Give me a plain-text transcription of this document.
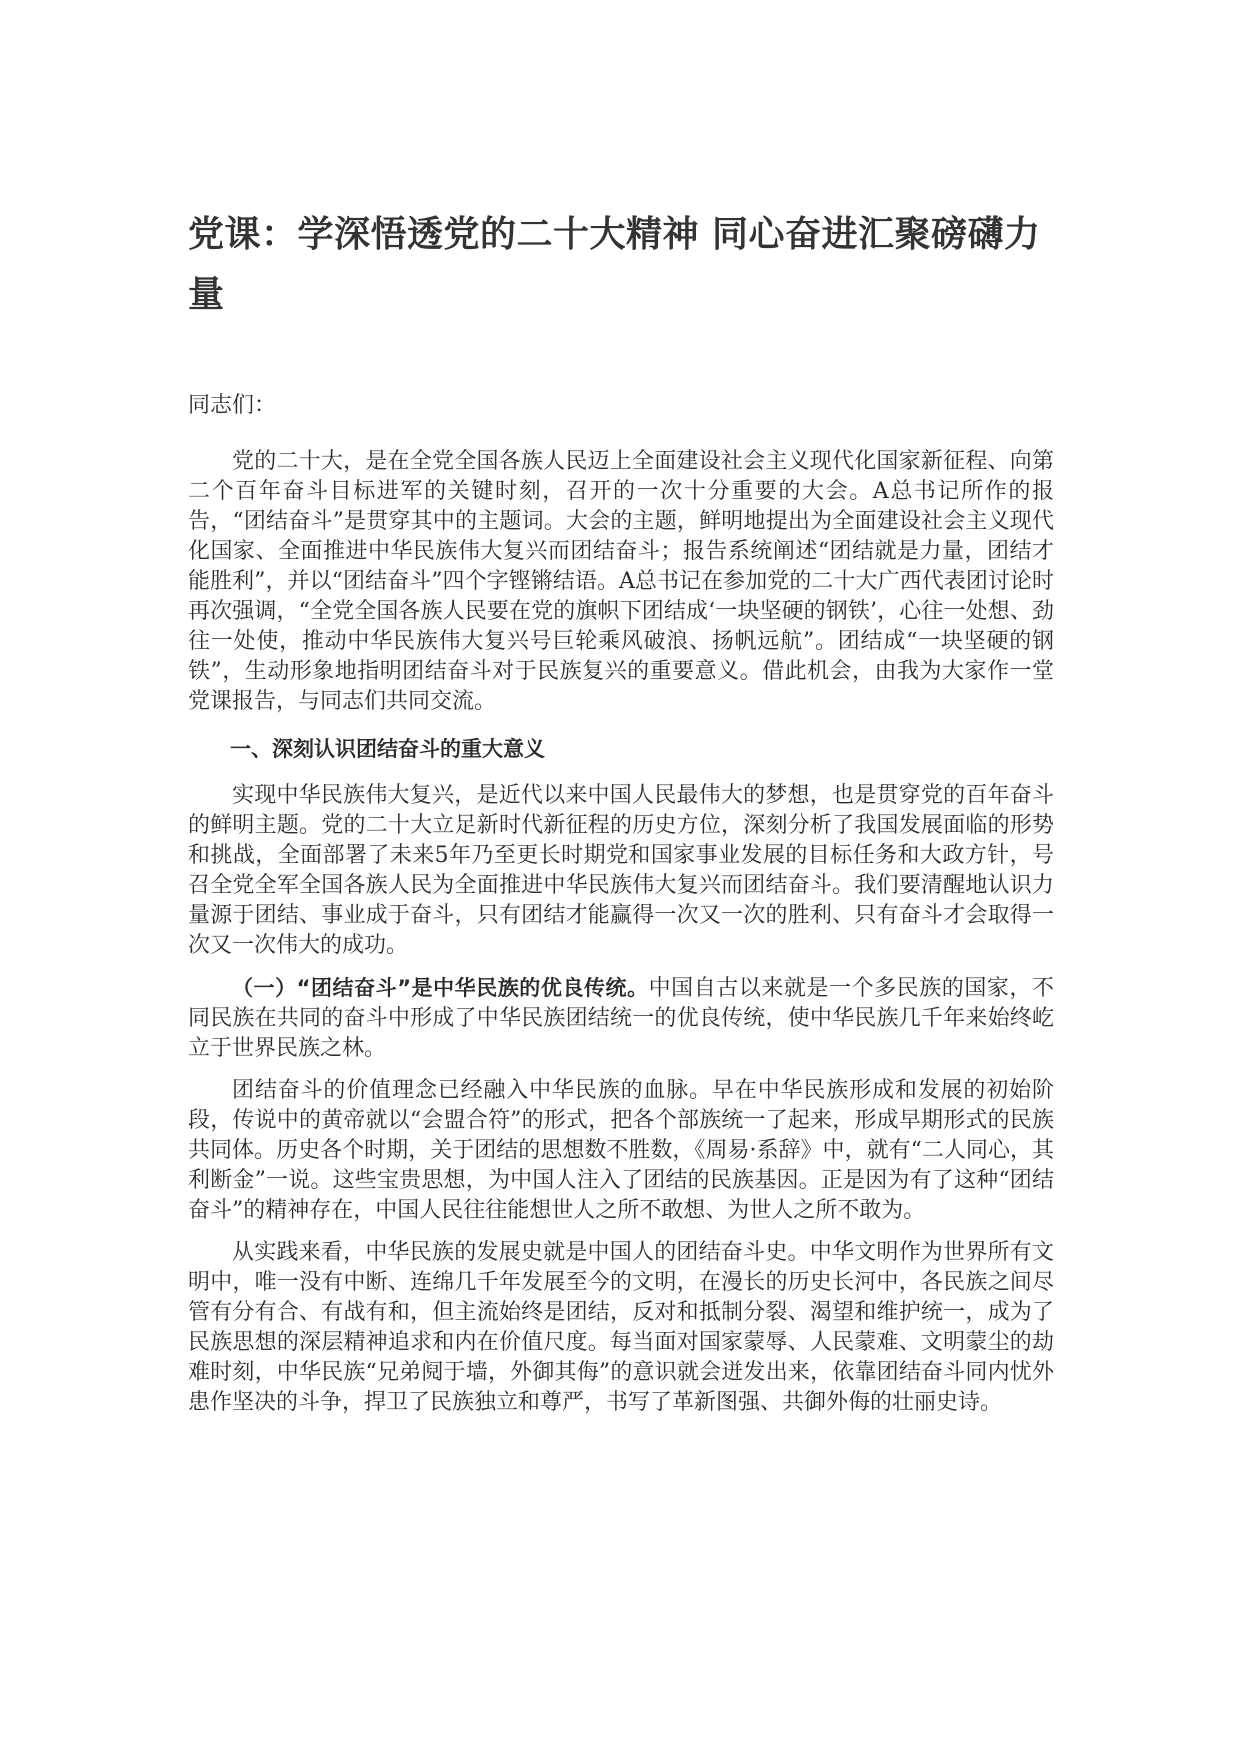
党课：学深悟透党的二十大精神 同心奋进汇聚磅礴力量

同志们：

党的二十大，是在全党全国各族人民迈上全面建设社会主义现代化国家新征程、向第二个百年奋斗目标进军的关键时刻，召开的一次十分重要的大会。A总书记所作的报告，“团结奋斗”是贯穿其中的主题词。大会的主题，鲜明地提出为全面建设社会主义现代化国家、全面推进中华民族伟大复兴而团结奋斗；报告系统阐述“团结就是力量，团结才能胜利”，并以“团结奋斗”四个字铿锵结语。A总书记在参加党的二十大广西代表团讨论时再次强调，“全党全国各族人民要在党的旗帜下团结成‘一块坚硬的钢铁’，心往一处想、劲往一处使，推动中华民族伟大复兴号巨轮乘风破浪、扬帆远航”。团结成“一块坚硬的钢铁”，生动形象地指明团结奋斗对于民族复兴的重要意义。借此机会，由我为大家作一堂党课报告，与同志们共同交流。

一、深刻认识团结奋斗的重大意义

实现中华民族伟大复兴，是近代以来中国人民最伟大的梦想，也是贯穿党的百年奋斗的鲜明主题。党的二十大立足新时代新征程的历史方位，深刻分析了我国发展面临的形势和挑战，全面部署了未来5年乃至更长时期党和国家事业发展的目标任务和大政方针，号召全党全军全国各族人民为全面推进中华民族伟大复兴而团结奋斗。我们要清醒地认识力量源于团结、事业成于奋斗，只有团结才能赢得一次又一次的胜利、只有奋斗才会取得一次又一次伟大的成功。

（一）“团结奋斗”是中华民族的优良传统。中国自古以来就是一个多民族的国家，不同民族在共同的奋斗中形成了中华民族团结统一的优良传统，使中华民族几千年来始终屹立于世界民族之林。

团结奋斗的价值理念已经融入中华民族的血脉。早在中华民族形成和发展的初始阶段，传说中的黄帝就以“会盟合符”的形式，把各个部族统一了起来，形成早期形式的民族共同体。历史各个时期，关于团结的思想数不胜数，《周易·系辞》中，就有“二人同心，其利断金”一说。这些宝贵思想，为中国人注入了团结的民族基因。正是因为有了这种“团结奋斗”的精神存在，中国人民往往能想世人之所不敢想、为世人之所不敢为。

从实践来看，中华民族的发展史就是中国人的团结奋斗史。中华文明作为世界所有文明中，唯一没有中断、连绵几千年发展至今的文明，在漫长的历史长河中，各民族之间尽管有分有合、有战有和，但主流始终是团结，反对和抵制分裂、渴望和维护统一，成为了民族思想的深层精神追求和内在价值尺度。每当面对国家蒙辱、人民蒙难、文明蒙尘的劫难时刻，中华民族“兄弟阋于墙，外御其侮”的意识就会迸发出来，依靠团结奋斗同内忧外患作坚决的斗争，捍卫了民族独立和尊严，书写了革新图强、共御外侮的壮丽史诗。
